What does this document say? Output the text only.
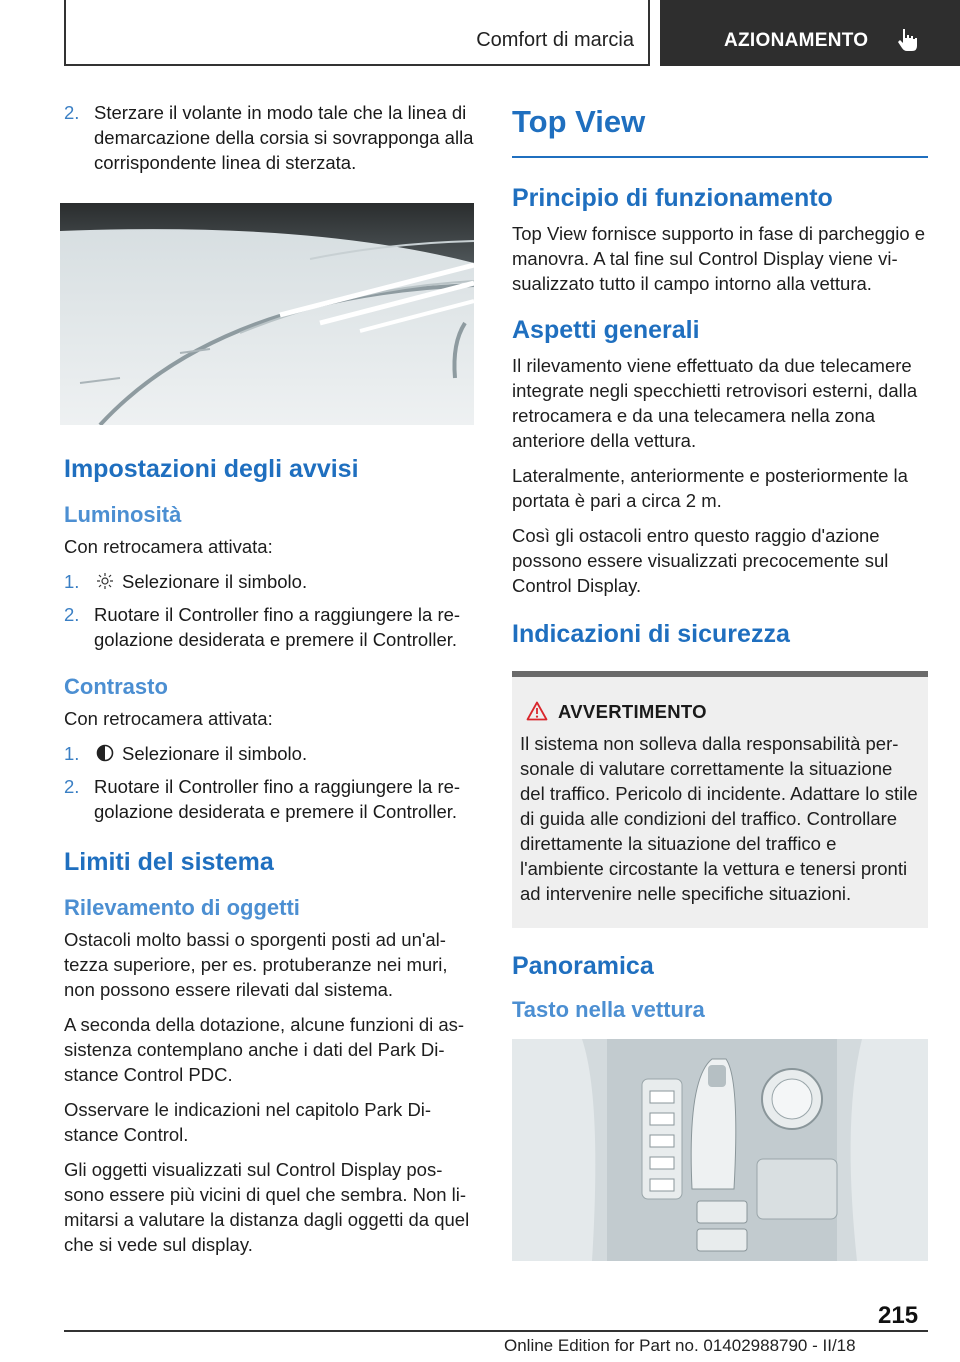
Comfort di marcia	AZIONAMENTO
2. Sterzare il volante in modo tale che la linea di demarcazione della corsia si sovrapponga alla corrispondente linea di sterzata.
Impostazioni degli avvisi
Luminosità
Con retrocamera attivata:
1. Selezionare il simbolo.
2. Ruotare il Controller fino a raggiungere la regolazione desiderata e premere il Controller.
Contrasto
Con retrocamera attivata:
1. Selezionare il simbolo.
2. Ruotare il Controller fino a raggiungere la regolazione desiderata e premere il Controller.
Limiti del sistema
Rilevamento di oggetti
Ostacoli molto bassi o sporgenti posti ad un'altezza superiore, per es. protuberanze nei muri, non possono essere rilevati dal sistema.
A seconda della dotazione, alcune funzioni di assistenza contemplano anche i dati del Park Distance Control PDC.
Osservare le indicazioni nel capitolo Park Distance Control.
Gli oggetti visualizzati sul Control Display possono essere più vicini di quel che sembra. Non limitarsi a valutare la distanza dagli oggetti da quel che si vede sul display.
Top View
Principio di funzionamento
Top View fornisce supporto in fase di parcheggio e manovra. A tal fine sul Control Display viene visualizzato tutto il campo intorno alla vettura.
Aspetti generali
Il rilevamento viene effettuato da due telecamere integrate negli specchietti retrovisori esterni, dalla retrocamera e da una telecamera nella zona anteriore della vettura.
Lateralmente, anteriormente e posteriormente la portata è pari a circa 2 m.
Così gli ostacoli entro questo raggio d'azione possono essere visualizzati precocemente sul Control Display.
Indicazioni di sicurezza
AVVERTIMENTO
Il sistema non solleva dalla responsabilità personale di valutare correttamente la situazione del traffico. Pericolo di incidente. Adattare lo stile di guida alle condizioni del traffico. Controllare direttamente la situazione del traffico e l'ambiente circostante la vettura e tenersi pronti ad intervenire nelle specifiche situazioni.
Panoramica
Tasto nella vettura
215
Online Edition for Part no. 01402988790 - II/18
